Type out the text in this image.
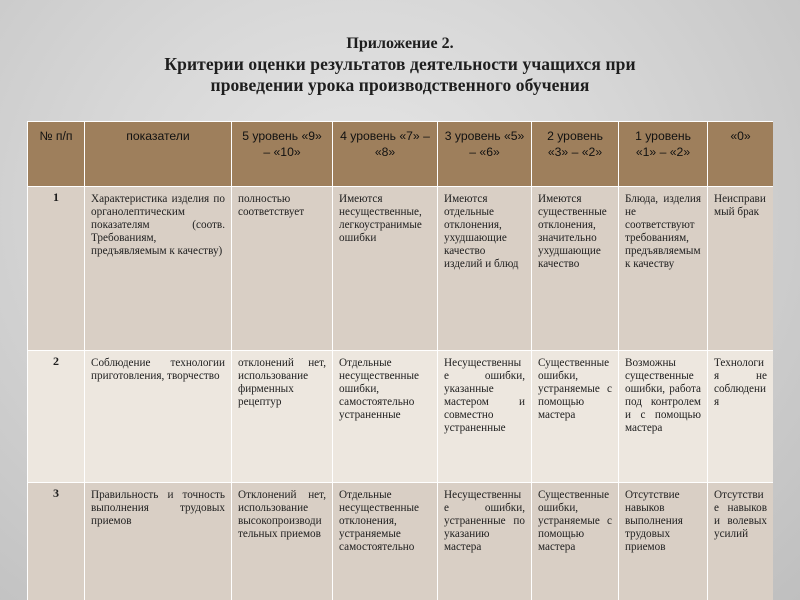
Приложение 2.
Критерии оценки результатов деятельности учащихся при
проведении урока производственного обучения
№ п/п	показатели	5 уровень «9» – «10»	4 уровень «7» – «8»	3 уровень «5» – «6»	2 уровень «3» – «2»	1 уровень «1» – «2»	«0»
1	Характеристика изделия по органолептическим показателям (соотв. Требованиям, предъявляемым к качеству)	полностью соответствует	Имеются несущественные, легкоустранимые ошибки	Имеются отдельные отклонения, ухудшающие качество изделий и блюд	Имеются существенные отклонения, значительно ухудшающие качество	Блюда, изделия не соответствуют требованиям, предъявляемым к качеству	Неисправимый брак
2	Соблюдение технологии приготовления, творчество	отклонений нет, использование фирменных рецептур	Отдельные несущественные ошибки, самостоятельно устраненные	Несущественные ошибки, указанные мастером и совместно устраненные	Существенные ошибки, устраняемые с помощью мастера	Возможны существенные ошибки, работа под контролем и с помощью мастера	Технология не соблюдения
3	Правильность и точность выполнения трудовых приемов	Отклонений нет, использование высокопроизводительных приемов	Отдельные несущественные отклонения, устраняемые самостоятельно	Несущественные ошибки, устраненные по указанию мастера	Существенные ошибки, устраняемые с помощью мастера	Отсутствие навыков выполнения трудовых приемов	Отсутствие навыков и волевых усилий
